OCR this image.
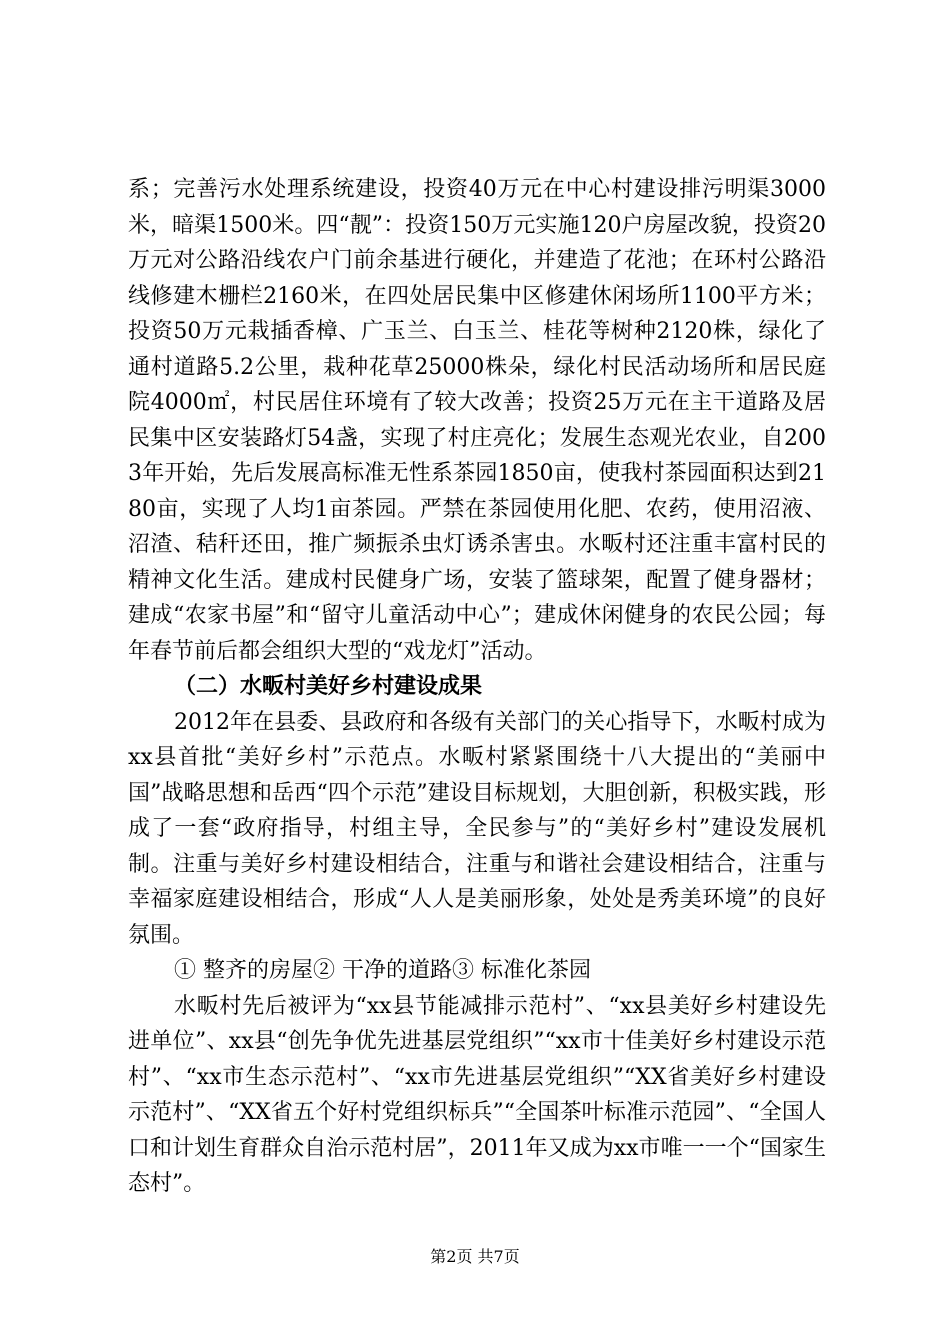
系；完善污水处理系统建设，投资40万元在中心村建设排污明渠3000米，暗渠1500米。四“靓”：投资150万元实施120户房屋改貌，投资20万元对公路沿线农户门前余基进行硬化，并建造了花池；在环村公路沿线修建木栅栏2160米，在四处居民集中区修建休闲场所1100平方米；投资50万元栽插香樟、广玉兰、白玉兰、桂花等树种2120株，绿化了通村道路5.2公里，栽种花草25000株朵，绿化村民活动场所和居民庭院4000㎡，村民居住环境有了较大改善；投资25万元在主干道路及居民集中区安装路灯54盏，实现了村庄亮化；发展生态观光农业，自2003年开始，先后发展高标准无性系茶园1850亩，使我村茶园面积达到2180亩，实现了人均1亩茶园。严禁在茶园使用化肥、农药，使用沼液、沼渣、秸秆还田，推广频振杀虫灯诱杀害虫。水畈村还注重丰富村民的精神文化生活。建成村民健身广场，安装了篮球架，配置了健身器材；建成“农家书屋”和“留守儿童活动中心”；建成休闲健身的农民公园；每年春节前后都会组织大型的“戏龙灯”活动。

（二）水畈村美好乡村建设成果

2012年在县委、县政府和各级有关部门的关心指导下，水畈村成为xx县首批“美好乡村”示范点。水畈村紧紧围绕十八大提出的“美丽中国”战略思想和岳西“四个示范”建设目标规划，大胆创新，积极实践，形成了一套“政府指导，村组主导，全民参与”的“美好乡村”建设发展机制。注重与美好乡村建设相结合，注重与和谐社会建设相结合，注重与幸福家庭建设相结合，形成“人人是美丽形象，处处是秀美环境”的良好氛围。

① 整齐的房屋② 干净的道路③ 标准化茶园

水畈村先后被评为“xx县节能减排示范村”、“xx县美好乡村建设先进单位”、xx县“创先争优先进基层党组织”“xx市十佳美好乡村建设示范村”、“xx市生态示范村”、“xx市先进基层党组织”“XX省美好乡村建设示范村”、“XX省五个好村党组织标兵”“全国茶叶标准示范园”、“全国人口和计划生育群众自治示范村居”，2011年又成为xx市唯一一个“国家生态村”。

第2页 共7页
